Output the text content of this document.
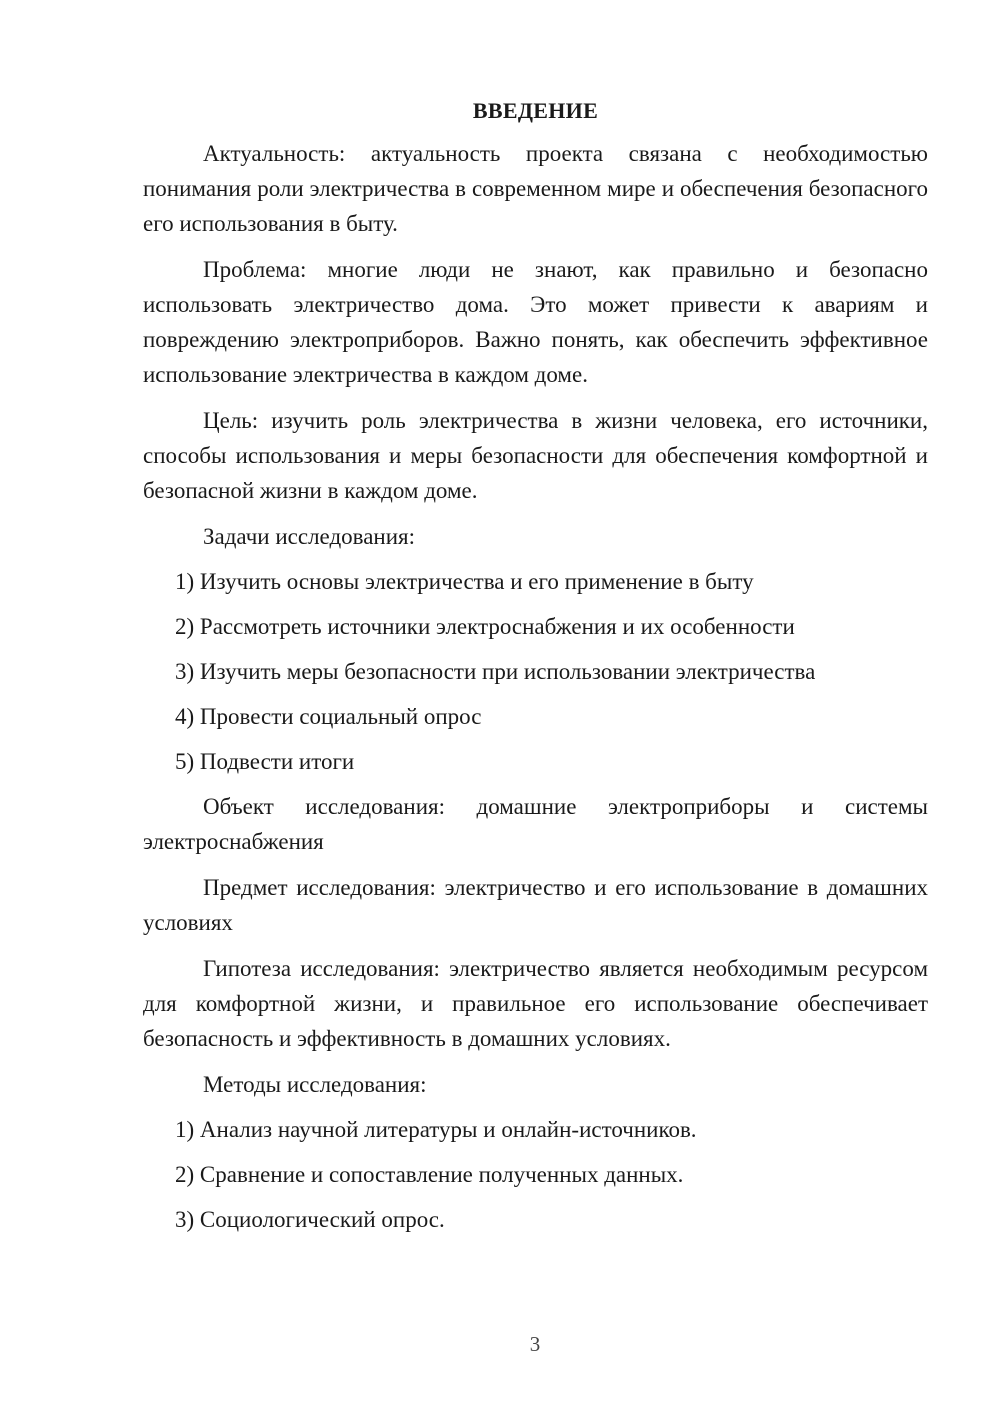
ВВЕДЕНИЕ

Актуальность: актуальность проекта связана с необходимостью понимания роли электричества в современном мире и обеспечения безопасного его использования в быту.

Проблема: многие люди не знают, как правильно и безопасно использовать электричество дома. Это может привести к авариям и повреждению электроприборов. Важно понять, как обеспечить эффективное использование электричества в каждом доме.

Цель: изучить роль электричества в жизни человека, его источники, способы использования и меры безопасности для обеспечения комфортной и безопасной жизни в каждом доме.

Задачи исследования:

1) Изучить основы электричества и его применение в быту
2) Рассмотреть источники электроснабжения и их особенности
3) Изучить меры безопасности при использовании электричества
4) Провести социальный опрос
5) Подвести итоги

Объект исследования: домашние электроприборы и системы электроснабжения

Предмет исследования: электричество и его использование в домашних условиях

Гипотеза исследования: электричество является необходимым ресурсом для комфортной жизни, и правильное его использование обеспечивает безопасность и эффективность в домашних условиях.

Методы исследования:

1) Анализ научной литературы и онлайн-источников.
2) Сравнение и сопоставление полученных данных.
3) Социологический опрос.
3
